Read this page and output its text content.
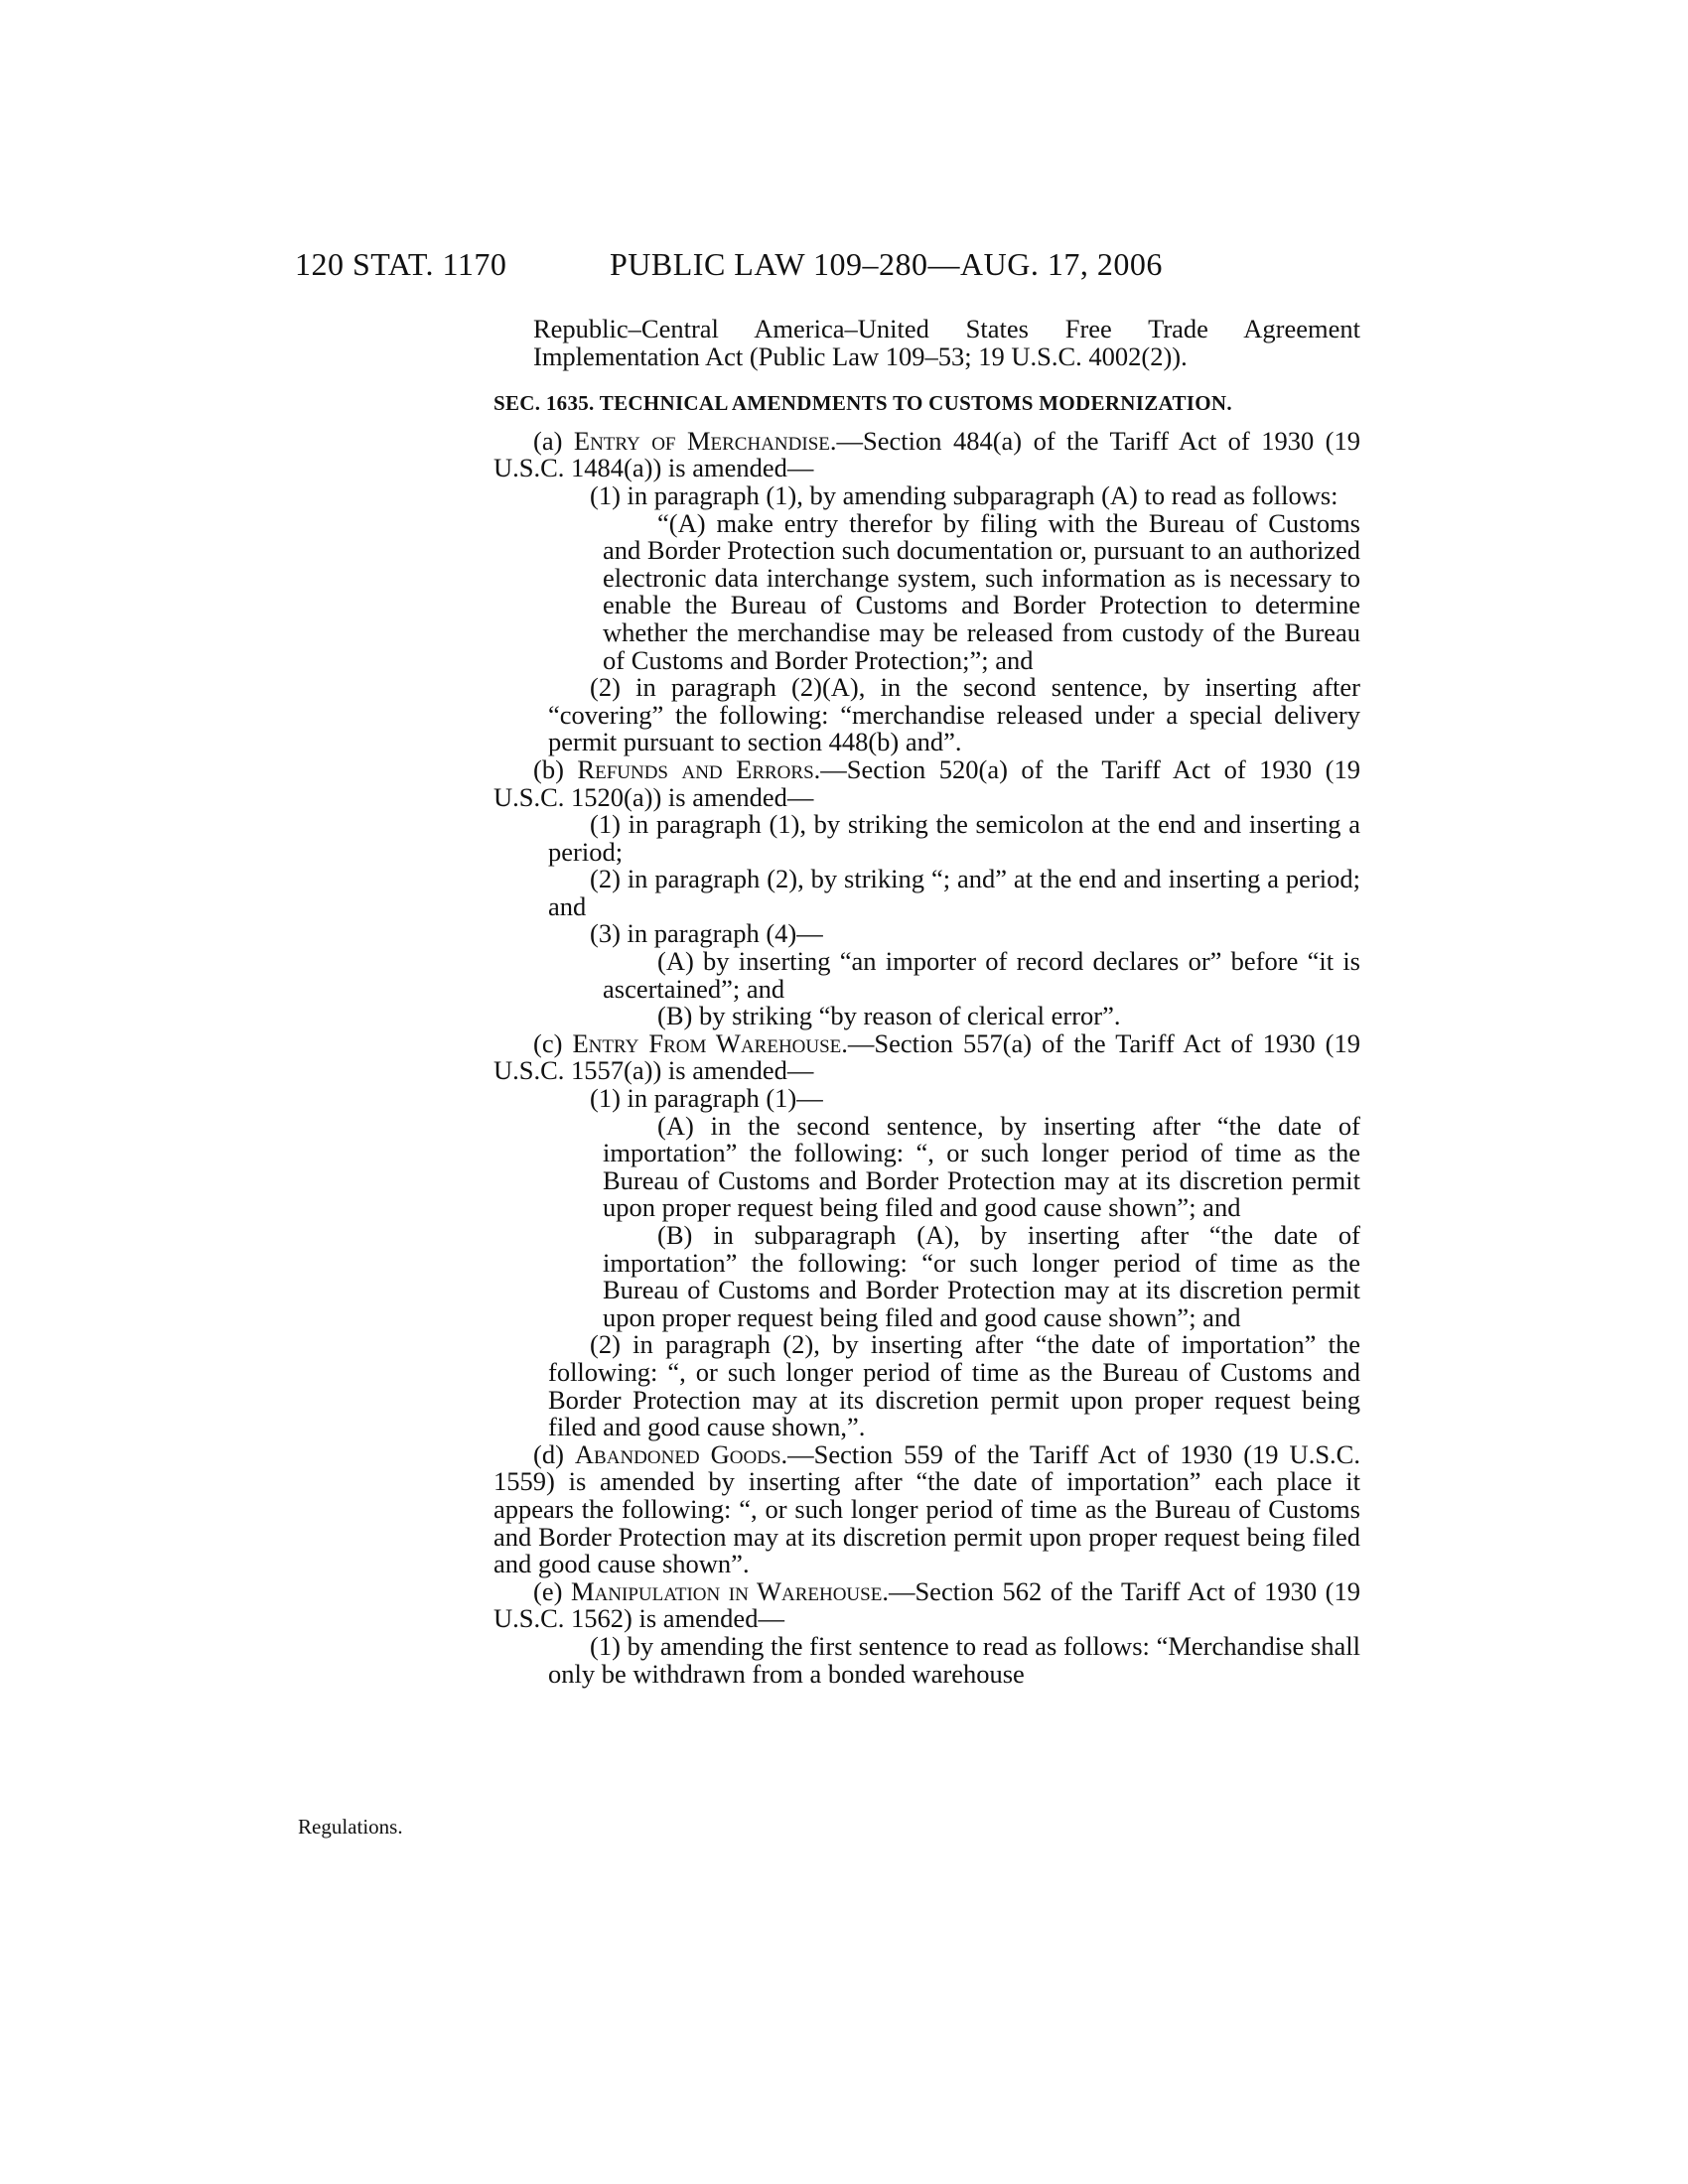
120 STAT. 1170	PUBLIC LAW 109–280—AUG. 17, 2006
Regulations.

Republic–Central America–United States Free Trade Agreement Implementation Act (Public Law 109–53; 19 U.S.C. 4002(2)).

SEC. 1635. TECHNICAL AMENDMENTS TO CUSTOMS MODERNIZATION.

(a) Entry of Merchandise.—Section 484(a) of the Tariff Act of 1930 (19 U.S.C. 1484(a)) is amended—

(1) in paragraph (1), by amending subparagraph (A) to read as follows:

“(A) make entry therefor by filing with the Bureau of Customs and Border Protection such documentation or, pursuant to an authorized electronic data interchange system, such information as is necessary to enable the Bureau of Customs and Border Protection to determine whether the merchandise may be released from custody of the Bureau of Customs and Border Protection;”; and

(2) in paragraph (2)(A), in the second sentence, by inserting after “covering” the following: “merchandise released under a special delivery permit pursuant to section 448(b) and”.

(b) Refunds and Errors.—Section 520(a) of the Tariff Act of 1930 (19 U.S.C. 1520(a)) is amended—

(1) in paragraph (1), by striking the semicolon at the end and inserting a period;

(2) in paragraph (2), by striking “; and” at the end and inserting a period; and

(3) in paragraph (4)—

(A) by inserting “an importer of record declares or” before “it is ascertained”; and

(B) by striking “by reason of clerical error”.

(c) Entry From Warehouse.—Section 557(a) of the Tariff Act of 1930 (19 U.S.C. 1557(a)) is amended—

(1) in paragraph (1)—

(A) in the second sentence, by inserting after “the date of importation” the following: “, or such longer period of time as the Bureau of Customs and Border Protection may at its discretion permit upon proper request being filed and good cause shown”; and

(B) in subparagraph (A), by inserting after “the date of importation” the following: “or such longer period of time as the Bureau of Customs and Border Protection may at its discretion permit upon proper request being filed and good cause shown”; and

(2) in paragraph (2), by inserting after “the date of importation” the following: “, or such longer period of time as the Bureau of Customs and Border Protection may at its discretion permit upon proper request being filed and good cause shown,”.

(d) Abandoned Goods.—Section 559 of the Tariff Act of 1930 (19 U.S.C. 1559) is amended by inserting after “the date of importation” each place it appears the following: “, or such longer period of time as the Bureau of Customs and Border Protection may at its discretion permit upon proper request being filed and good cause shown”.

(e) Manipulation in Warehouse.—Section 562 of the Tariff Act of 1930 (19 U.S.C. 1562) is amended—

(1) by amending the first sentence to read as follows: “Merchandise shall only be withdrawn from a bonded warehouse
